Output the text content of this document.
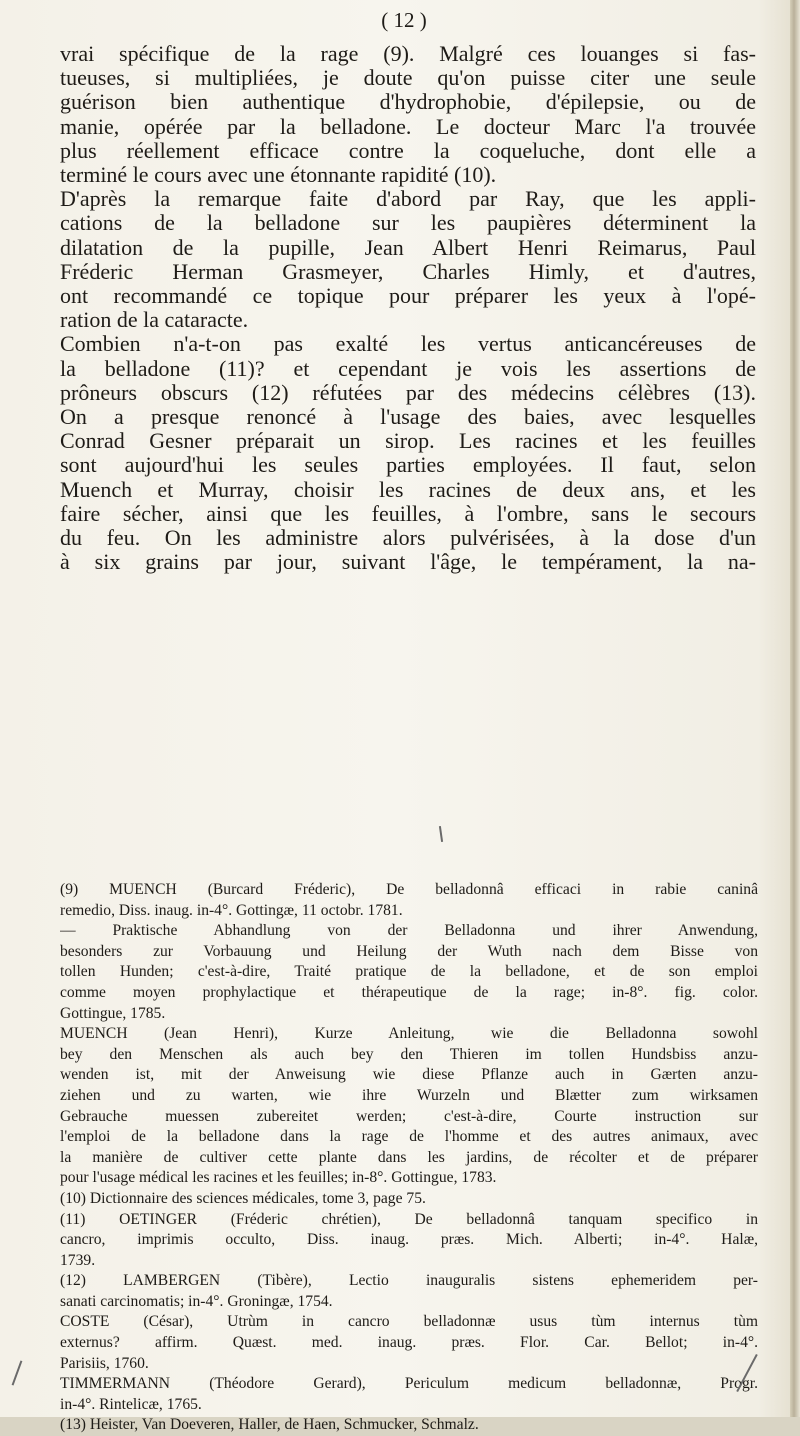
( 12 )
vrai spécifique de la rage (9). Malgré ces louanges si fas-
tueuses, si multipliées, je doute qu'on puisse citer une seule
guérison bien authentique d'hydrophobie, d'épilepsie, ou de
manie, opérée par la belladone. Le docteur Marc l'a trouvée
plus réellement efficace contre la coqueluche, dont elle a
terminé le cours avec une étonnante rapidité (10).
D'après la remarque faite d'abord par Ray, que les appli-
cations de la belladone sur les paupières déterminent la
dilatation de la pupille, Jean Albert Henri Reimarus, Paul
Fréderic Herman Grasmeyer, Charles Himly, et d'autres,
ont recommandé ce topique pour préparer les yeux à l'opé-
ration de la cataracte.
Combien n'a-t-on pas exalté les vertus anticancéreuses de
la belladone (11)? et cependant je vois les assertions de
prôneurs obscurs (12) réfutées par des médecins célèbres (13).
On a presque renoncé à l'usage des baies, avec lesquelles
Conrad Gesner préparait un sirop. Les racines et les feuilles
sont aujourd'hui les seules parties employées. Il faut, selon
Muench et Murray, choisir les racines de deux ans, et les
faire sécher, ainsi que les feuilles, à l'ombre, sans le secours
du feu. On les administre alors pulvérisées, à la dose d'un
à six grains par jour, suivant l'âge, le tempérament, la na-
(9) MUENCH (Burcard Fréderic), De belladonnâ efficaci in rabie caninâ
remedio, Diss. inaug. in-4°. Gottingæ, 11 octobr. 1781.
— Praktische Abhandlung von der Belladonna und ihrer Anwendung,
besonders zur Vorbauung und Heilung der Wuth nach dem Bisse von
tollen Hunden; c'est-à-dire, Traité pratique de la belladone, et de son emploi
comme moyen prophylactique et thérapeutique de la rage; in-8°. fig. color.
Gottingue, 1785.
MUENCH (Jean Henri), Kurze Anleitung, wie die Belladonna sowohl
bey den Menschen als auch bey den Thieren im tollen Hundsbiss anzu-
wenden ist, mit der Anweisung wie diese Pflanze auch in Gærten anzu-
ziehen und zu warten, wie ihre Wurzeln und Blætter zum wirksamen
Gebrauche muessen zubereitet werden; c'est-à-dire, Courte instruction sur
l'emploi de la belladone dans la rage de l'homme et des autres animaux, avec
la manière de cultiver cette plante dans les jardins, de récolter et de préparer
pour l'usage médical les racines et les feuilles; in-8°. Gottingue, 1783.
(10) Dictionnaire des sciences médicales, tome 3, page 75.
(11) OETINGER (Fréderic chrétien), De belladonnâ tanquam specifico in
cancro, imprimis occulto, Diss. inaug. præs. Mich. Alberti; in-4°. Halæ,
1739.
(12) LAMBERGEN (Tibère), Lectio inauguralis sistens ephemeridem per-
sanati carcinomatis; in-4°. Groningæ, 1754.
COSTE (César), Utrùm in cancro belladonnæ usus tùm internus tùm
externus? affirm. Quæst. med. inaug. præs. Flor. Car. Bellot; in-4°.
Parisiis, 1760.
TIMMERMANN (Théodore Gerard), Periculum medicum belladonnæ, Progr.
in-4°. Rintelicæ, 1765.
(13) Heister, Van Doeveren, Haller, de Haen, Schmucker, Schmalz.
